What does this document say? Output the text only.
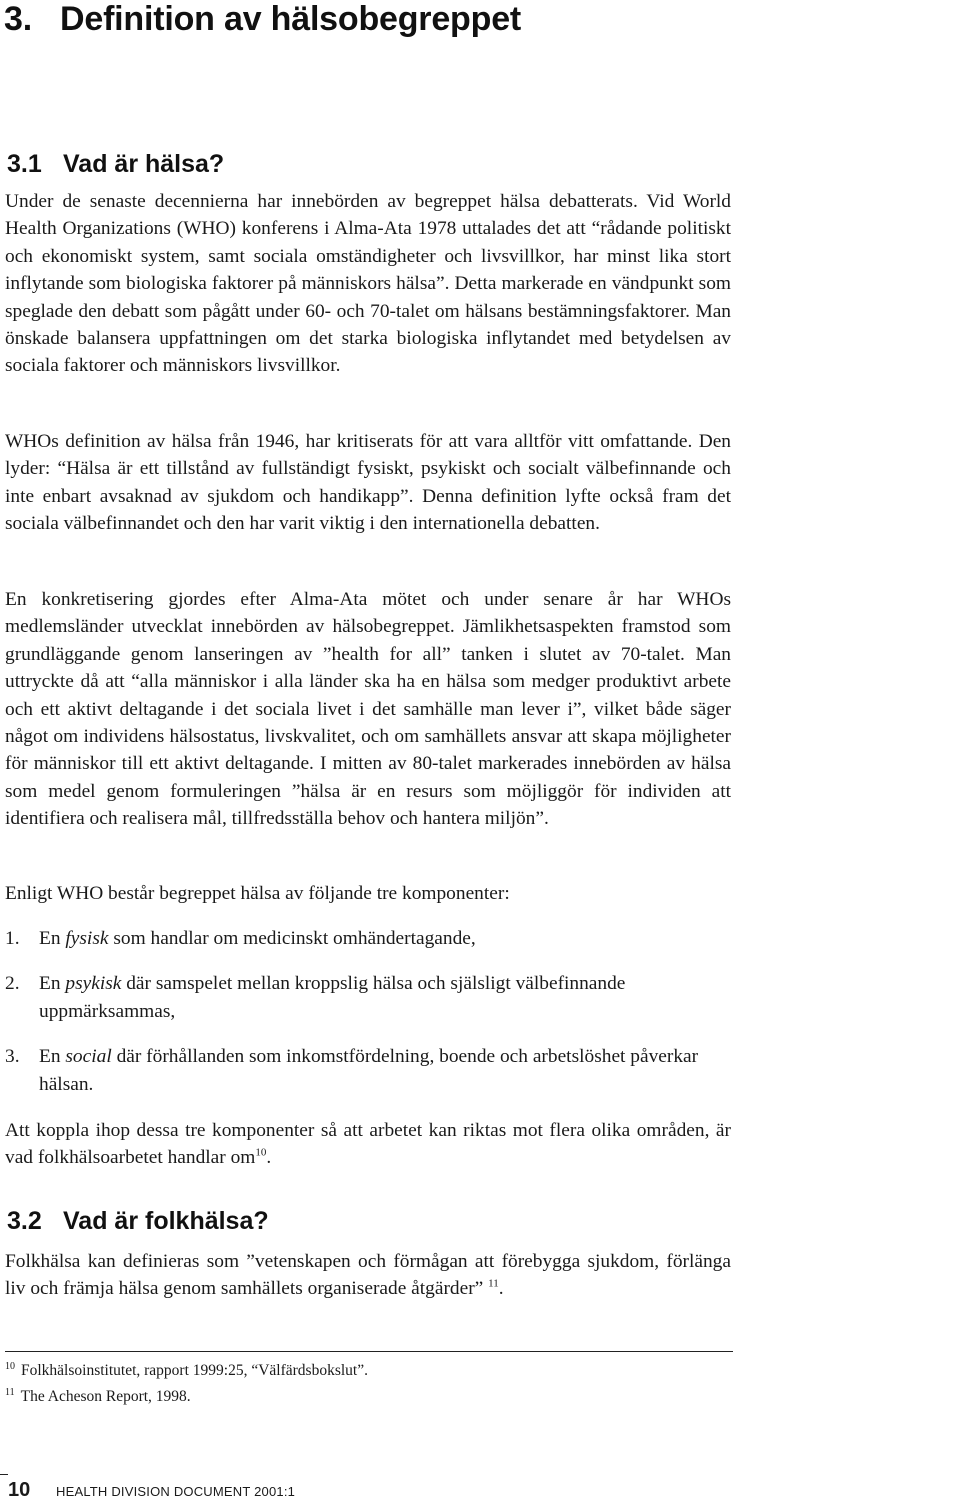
3. Definition av hälsobegreppet
3.1 Vad är hälsa?

Under de senaste decennierna har innebörden av begreppet hälsa debatterats. Vid World Health Organizations (WHO) konferens i Alma-Ata 1978 uttalades det att “rådande politiskt och ekonomiskt system, samt sociala omständigheter och livsvillkor, har minst lika stort inflytande som biologiska faktorer på människors hälsa”. Detta markerade en vändpunkt som speglade den debatt som pågått under 60- och 70-talet om hälsans bestämningsfaktorer. Man önskade balansera uppfattningen om det starka biologiska inflytandet med betydelsen av sociala faktorer och människors livsvillkor.

WHOs definition av hälsa från 1946, har kritiserats för att vara alltför vitt omfattande. Den lyder: “Hälsa är ett tillstånd av fullständigt fysiskt, psykiskt och socialt välbefinnande och inte enbart avsaknad av sjukdom och handikapp”. Denna definition lyfte också fram det sociala välbefinnandet och den har varit viktig i den internationella debatten.

En konkretisering gjordes efter Alma-Ata mötet och under senare år har WHOs medlemsländer utvecklat innebörden av hälsobegreppet. Jämlikhetsaspekten framstod som grundläggande genom lanseringen av ”health for all” tanken i slutet av 70-talet. Man uttryckte då att “alla människor i alla länder ska ha en hälsa som medger produktivt arbete och ett aktivt deltagande i det sociala livet i det samhälle man lever i”, vilket både säger något om individens hälsostatus, livskvalitet, och om samhällets ansvar att skapa möjligheter för människor till ett aktivt deltagande. I mitten av 80-talet markerades innebörden av hälsa som medel genom formuleringen ”hälsa är en resurs som möjliggör för individen att identifiera och realisera mål, tillfredsställa behov och hantera miljön”.

Enligt WHO består begreppet hälsa av följande tre komponenter:

1. En fysisk som handlar om medicinskt omhändertagande,
2. En psykisk där samspelet mellan kroppslig hälsa och själsligt välbefinnande uppmärksammas,
3. En social där förhållanden som inkomstfördelning, boende och arbetslöshet påverkar hälsan.

Att koppla ihop dessa tre komponenter så att arbetet kan riktas mot flera olika områden, är vad folkhälsoarbetet handlar $om^{10}$.

3.2 Vad är folkhälsa?

Folkhälsa kan definieras som ”vetenskapen och förmågan att förebygga sjukdom, förlänga liv och främja hälsa genom samhällets organiserade åtgärder” $^{11}$.

$^{10}$ Folkhälsoinstitutet, rapport 1999:25, “Välfärdsbokslut”.
$^{11}$ The Acheson Report, 1998.
10 HEALTH DIVISION DOCUMENT 2001:1
